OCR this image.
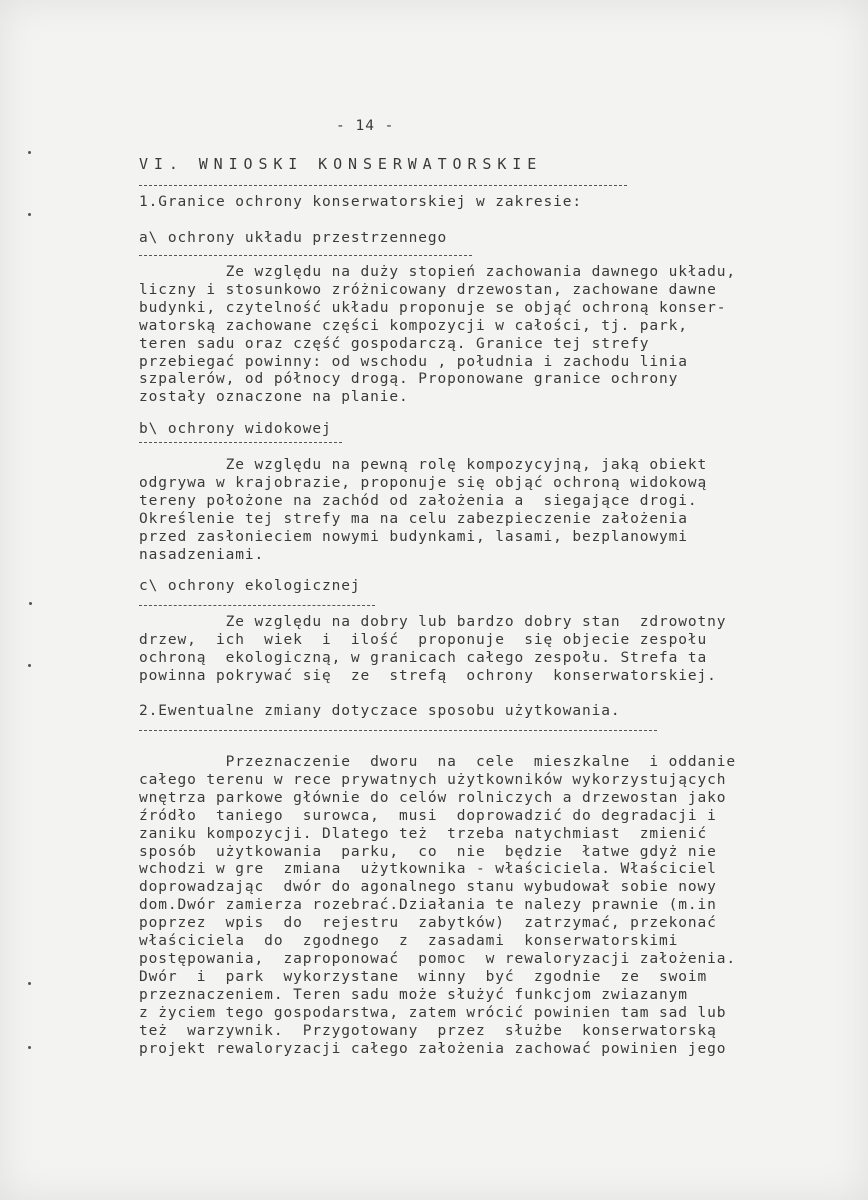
- 14 -
VI. WNIOSKI KONSERWATORSKIE
1.Granice ochrony konserwatorskiej w zakresie:
a\ ochrony układu przestrzennego
Ze względu na duży stopień zachowania dawnego układu,
liczny i stosunkowo zróżnicowany drzewostan, zachowane dawne
budynki, czytelność układu proponuje se objąć ochroną konser-
watorską zachowane części kompozycji w całości, tj. park,
teren sadu oraz część gospodarczą. Granice tej strefy
przebiegać powinny: od wschodu , południa i zachodu linia
szpalerów, od północy drogą. Proponowane granice ochrony
zostały oznaczone na planie.
b\ ochrony widokowej
Ze względu na pewną rolę kompozycyjną, jaką obiekt
odgrywa w krajobrazie, proponuje się objąć ochroną widokową
tereny położone na zachód od założenia a  siegające drogi.
Określenie tej strefy ma na celu zabezpieczenie założenia
przed zasłonieciem nowymi budynkami, lasami, bezplanowymi
nasadzeniami.
c\ ochrony ekologicznej
Ze względu na dobry lub bardzo dobry stan  zdrowotny
drzew,  ich  wiek  i  ilość  proponuje  się objecie zespołu
ochroną  ekologiczną, w granicach całego zespołu. Strefa ta
powinna pokrywać się  ze  strefą  ochrony  konserwatorskiej.
2.Ewentualne zmiany dotyczace sposobu użytkowania.
Przeznaczenie  dworu  na  cele  mieszkalne  i oddanie
całego terenu w rece prywatnych użytkowników wykorzystujących
wnętrza parkowe głównie do celów rolniczych a drzewostan jako
źródło  taniego  surowca,  musi  doprowadzić do degradacji i
zaniku kompozycji. Dlatego też  trzeba natychmiast  zmienić
sposób  użytkowania  parku,  co  nie  będzie  łatwe gdyż nie
wchodzi w gre  zmiana  użytkownika - właściciela. Właściciel
doprowadzając  dwór do agonalnego stanu wybudował sobie nowy
dom.Dwór zamierza rozebrać.Działania te nalezy prawnie (m.in
poprzez  wpis  do  rejestru  zabytków)  zatrzymać, przekonać
właściciela  do  zgodnego  z  zasadami  konserwatorskimi
postępowania,  zaproponować  pomoc  w rewaloryzacji założenia.
Dwór  i  park  wykorzystane  winny  być  zgodnie  ze  swoim
przeznaczeniem. Teren sadu może służyć funkcjom zwiazanym
z życiem tego gospodarstwa, zatem wrócić powinien tam sad lub
też  warzywnik.  Przygotowany  przez  służbe  konserwatorską
projekt rewaloryzacji całego założenia zachować powinien jego
